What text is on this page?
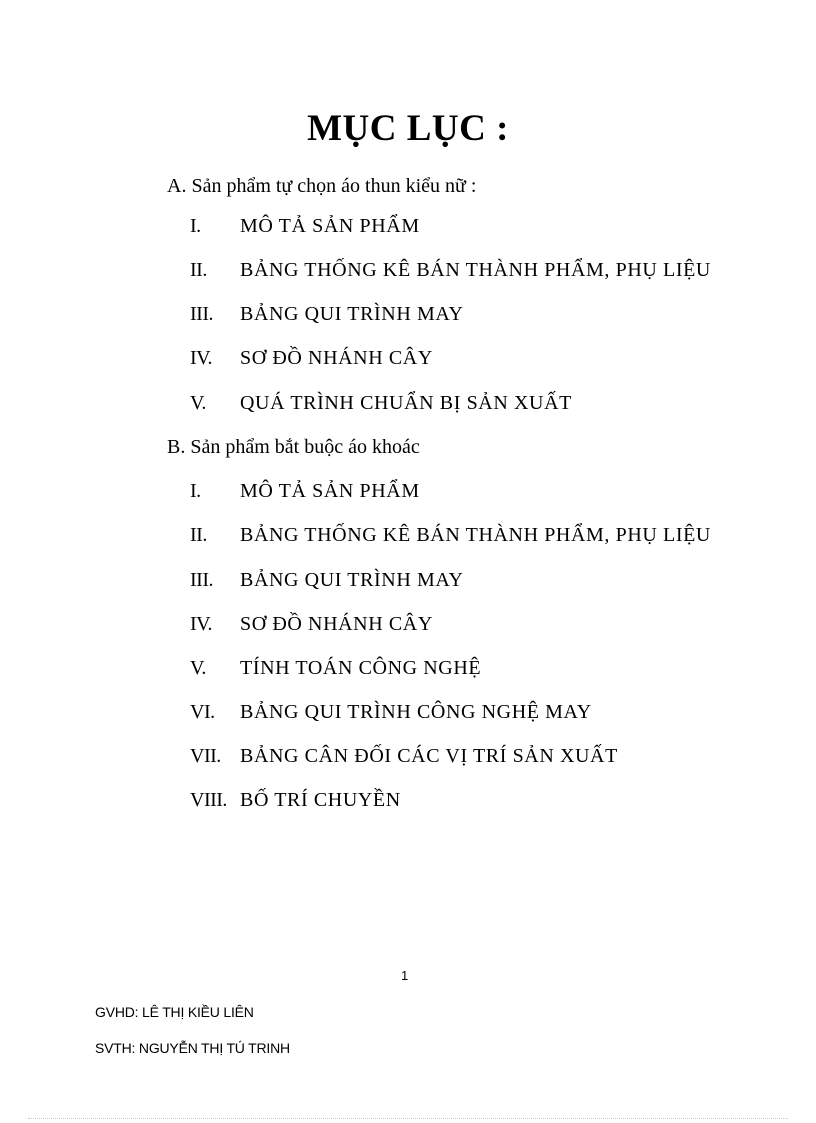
MỤC LỤC :
A. Sản phẩm tự chọn áo thun kiểu nữ :
I. MÔ TẢ SẢN PHẨM
II. BẢNG THỐNG KÊ BÁN THÀNH PHẨM, PHỤ LIỆU
III. BẢNG QUI TRÌNH MAY
IV. SƠ ĐỒ NHÁNH CÂY
V. QUÁ TRÌNH CHUẨN BỊ SẢN XUẤT
B. Sản phẩm bắt buộc áo khoác
I. MÔ TẢ SẢN PHẨM
II. BẢNG THỐNG KÊ BÁN THÀNH PHẨM, PHỤ LIỆU
III. BẢNG QUI TRÌNH MAY
IV. SƠ ĐỒ NHÁNH CÂY
V. TÍNH TOÁN CÔNG NGHỆ
VI. BẢNG QUI TRÌNH CÔNG NGHỆ MAY
VII. BẢNG CÂN ĐỐI CÁC VỊ TRÍ SẢN XUẤT
VIII. BỐ TRÍ CHUYỀN
1
GVHD: LÊ THỊ KIỀU LIÊN
SVTH: NGUYỄN THỊ TÚ TRINH
